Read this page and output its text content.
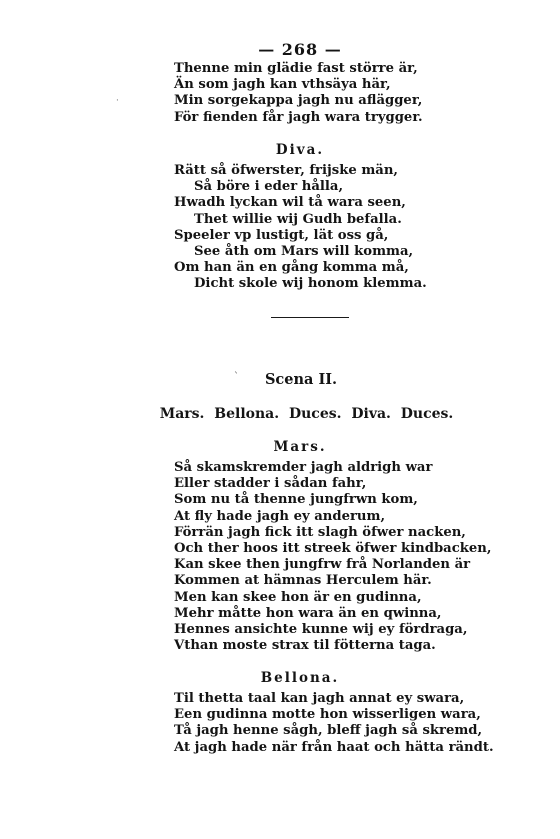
— 268 —
·
Thenne min glädie fast större är,
Än som jagh kan vthsäya här,
Min sorgekappa jagh nu aflägger,
För fienden får jagh wara trygger.
Diva.
Rätt så öfwerster, frijske män,
Så böre i eder hålla,
Hwadh lyckan wil tå wara seen,
Thet willie wij Gudh befalla.
Speeler vp lustigt, lät oss gå,
See åth om Mars will komma,
Om han än en gång komma må,
Dicht skole wij honom klemma.
ˋ	Scena II.
Mars. Bellona. Duces. Diva. Duces.
Mars.
Så skamskremder jagh aldrigh war
Eller stadder i sådan fahr,
Som nu tå thenne jungfrwn kom,
At fly hade jagh ey anderum,
Förrän jagh fick itt slagh öfwer nacken,
Och ther hoos itt streek öfwer kindbacken,
Kan skee then jungfrw frå Norlanden är
Kommen at hämnas Herculem här.
Men kan skee hon är en gudinna,
Mehr måtte hon wara än en qwinna,
Hennes ansichte kunne wij ey fördraga,
Vthan moste strax til fötterna taga.
Bellona.
Til thetta taal kan jagh annat ey swara,
Een gudinna motte hon wisserligen wara,
Tå jagh henne sågh, bleff jagh så skremd,
At jagh hade när från haat och hätta rändt.
